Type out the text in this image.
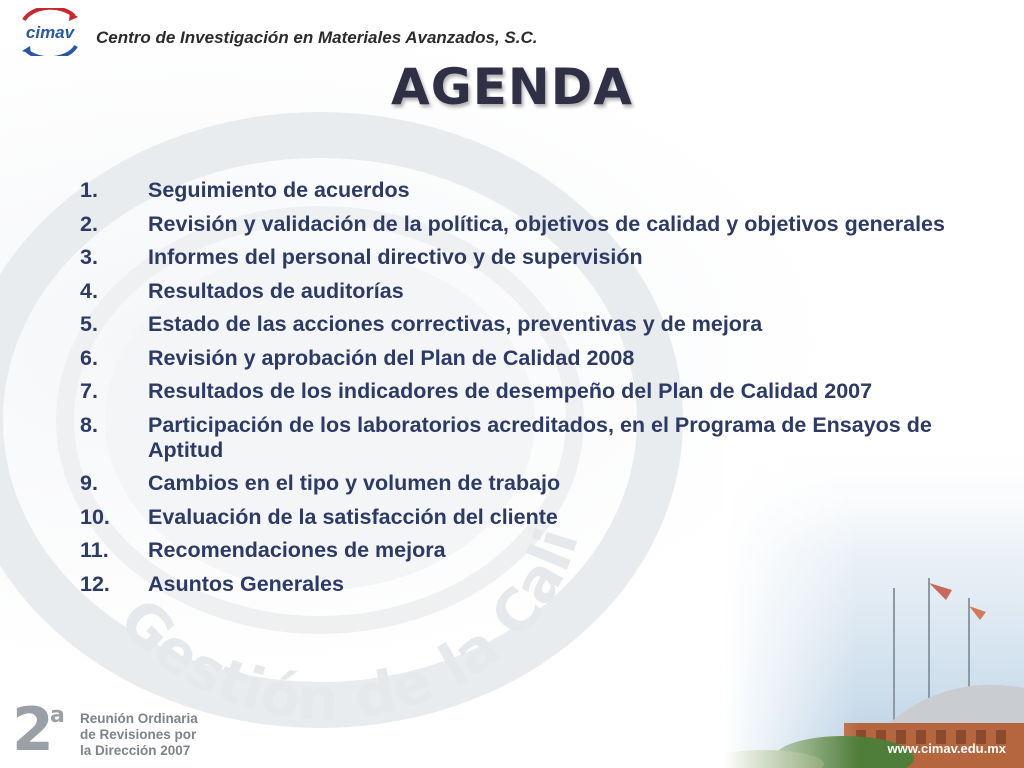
Gestión de la Cali
cimav Centro de Investigación en Materiales Avanzados, S.C.
AGENDA
1.	Seguimiento de acuerdos
2.	Revisión y validación de la política, objetivos de calidad y objetivos generales
3.	Informes del personal directivo y de supervisión
4.	Resultados de auditorías
5.	Estado de las acciones correctivas, preventivas y de mejora
6.	Revisión y aprobación del Plan de Calidad 2008
7.	Resultados de los indicadores de desempeño del Plan de Calidad 2007
8.	Participación de los laboratorios acreditados, en el Programa de Ensayos de Aptitud
9.	Cambios en el tipo y volumen de trabajo
10.	Evaluación de la satisfacción del cliente
11.	Recomendaciones de mejora
12.	Asuntos Generales
2
a Reunión Ordinaria
de Revisiones por
la Dirección 2007	www.cimav.edu.mx
